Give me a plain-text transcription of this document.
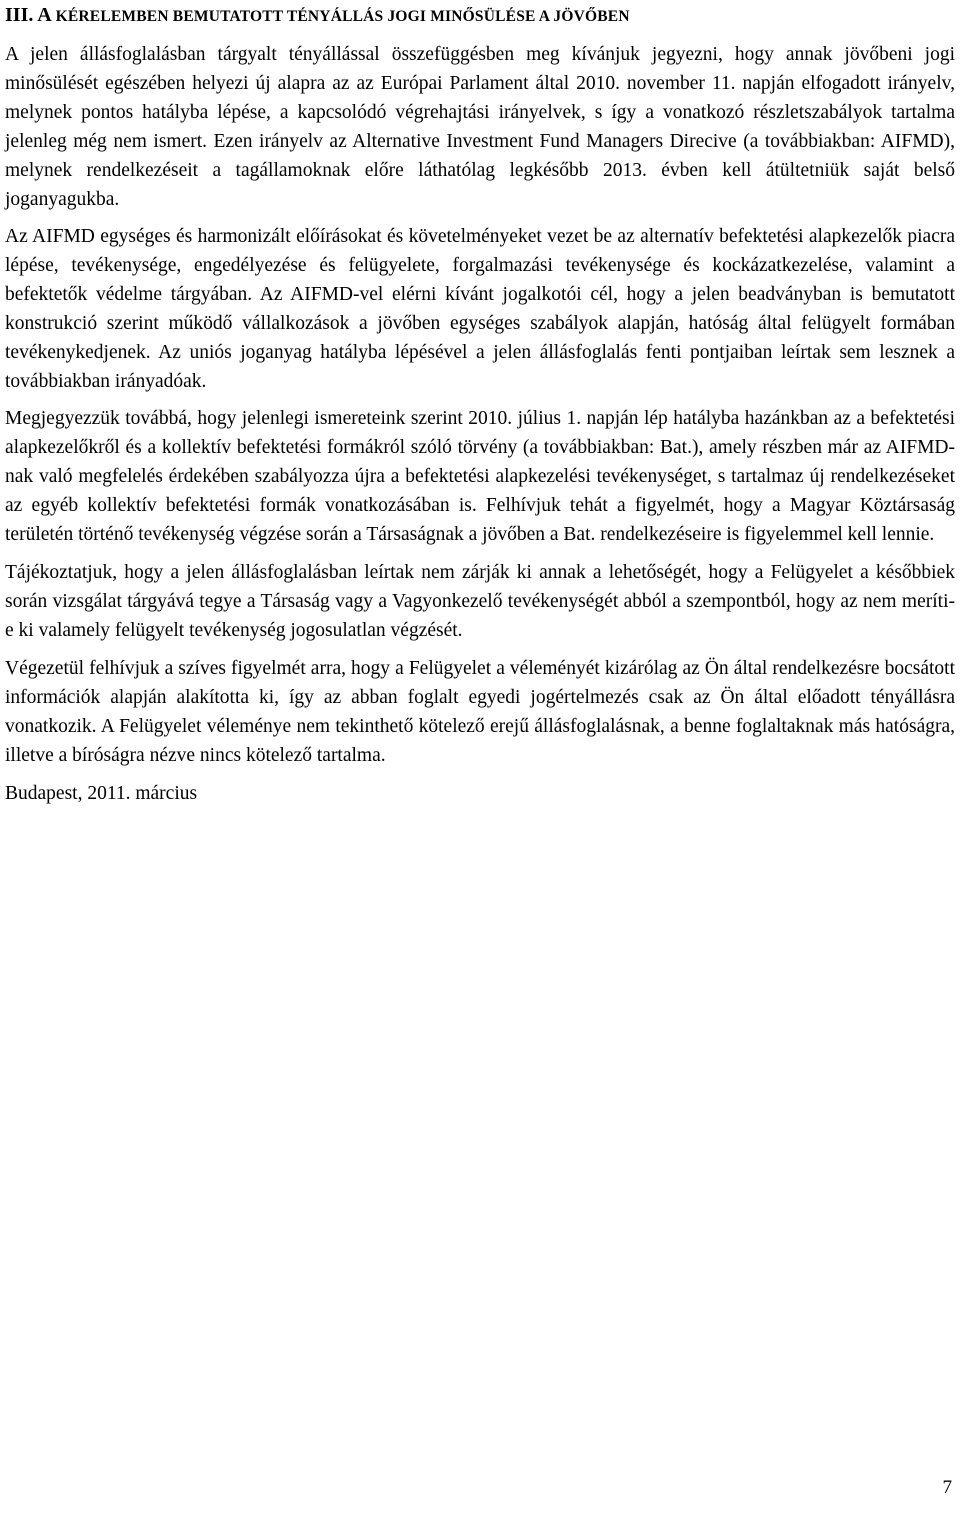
III. A KÉRELEMBEN BEMUTATOTT TÉNYÁLLÁS JOGI MINŐSÜLÉSE A JÖVŐBEN

A jelen állásfoglalásban tárgyalt tényállással összefüggésben meg kívánjuk jegyezni, hogy annak jövőbeni jogi minősülését egészében helyezi új alapra az az Európai Parlament által 2010. november 11. napján elfogadott irányelv, melynek pontos hatályba lépése, a kapcsolódó végrehajtási irányelvek, s így a vonatkozó részletszabályok tartalma jelenleg még nem ismert. Ezen irányelv az Alternative Investment Fund Managers Direcive (a továbbiakban: AIFMD), melynek rendelkezéseit a tagállamoknak előre láthatólag legkésőbb 2013. évben kell átültetniük saját belső joganyagukba.

Az AIFMD egységes és harmonizált előírásokat és követelményeket vezet be az alternatív befektetési alapkezelők piacra lépése, tevékenysége, engedélyezése és felügyelete, forgalmazási tevékenysége és kockázatkezelése, valamint a befektetők védelme tárgyában. Az AIFMD-vel elérni kívánt jogalkotói cél, hogy a jelen beadványban is bemutatott konstrukció szerint működő vállalkozások a jövőben egységes szabályok alapján, hatóság által felügyelt formában tevékenykedjenek. Az uniós joganyag hatályba lépésével a jelen állásfoglalás fenti pontjaiban leírtak sem lesznek a továbbiakban irányadóak.

Megjegyezzük továbbá, hogy jelenlegi ismereteink szerint 2010. július 1. napján lép hatályba hazánkban az a befektetési alapkezelőkről és a kollektív befektetési formákról szóló törvény (a továbbiakban: Bat.), amely részben már az AIFMD-nak való megfelelés érdekében szabályozza újra a befektetési alapkezelési tevékenységet, s tartalmaz új rendelkezéseket az egyéb kollektív befektetési formák vonatkozásában is. Felhívjuk tehát a figyelmét, hogy a Magyar Köztársaság területén történő tevékenység végzése során a Társaságnak a jövőben a Bat. rendelkezéseire is figyelemmel kell lennie.

Tájékoztatjuk, hogy a jelen állásfoglalásban leírtak nem zárják ki annak a lehetőségét, hogy a Felügyelet a későbbiek során vizsgálat tárgyává tegye a Társaság vagy a Vagyonkezelő tevékenységét abból a szempontból, hogy az nem meríti-e ki valamely felügyelt tevékenység jogosulatlan végzését.

Végezetül felhívjuk a szíves figyelmét arra, hogy a Felügyelet a véleményét kizárólag az Ön által rendelkezésre bocsátott információk alapján alakította ki, így az abban foglalt egyedi jogértelmezés csak az Ön által előadott tényállásra vonatkozik. A Felügyelet véleménye nem tekinthető kötelező erejű állásfoglalásnak, a benne foglaltaknak más hatóságra, illetve a bíróságra nézve nincs kötelező tartalma.

Budapest, 2011. március

7
